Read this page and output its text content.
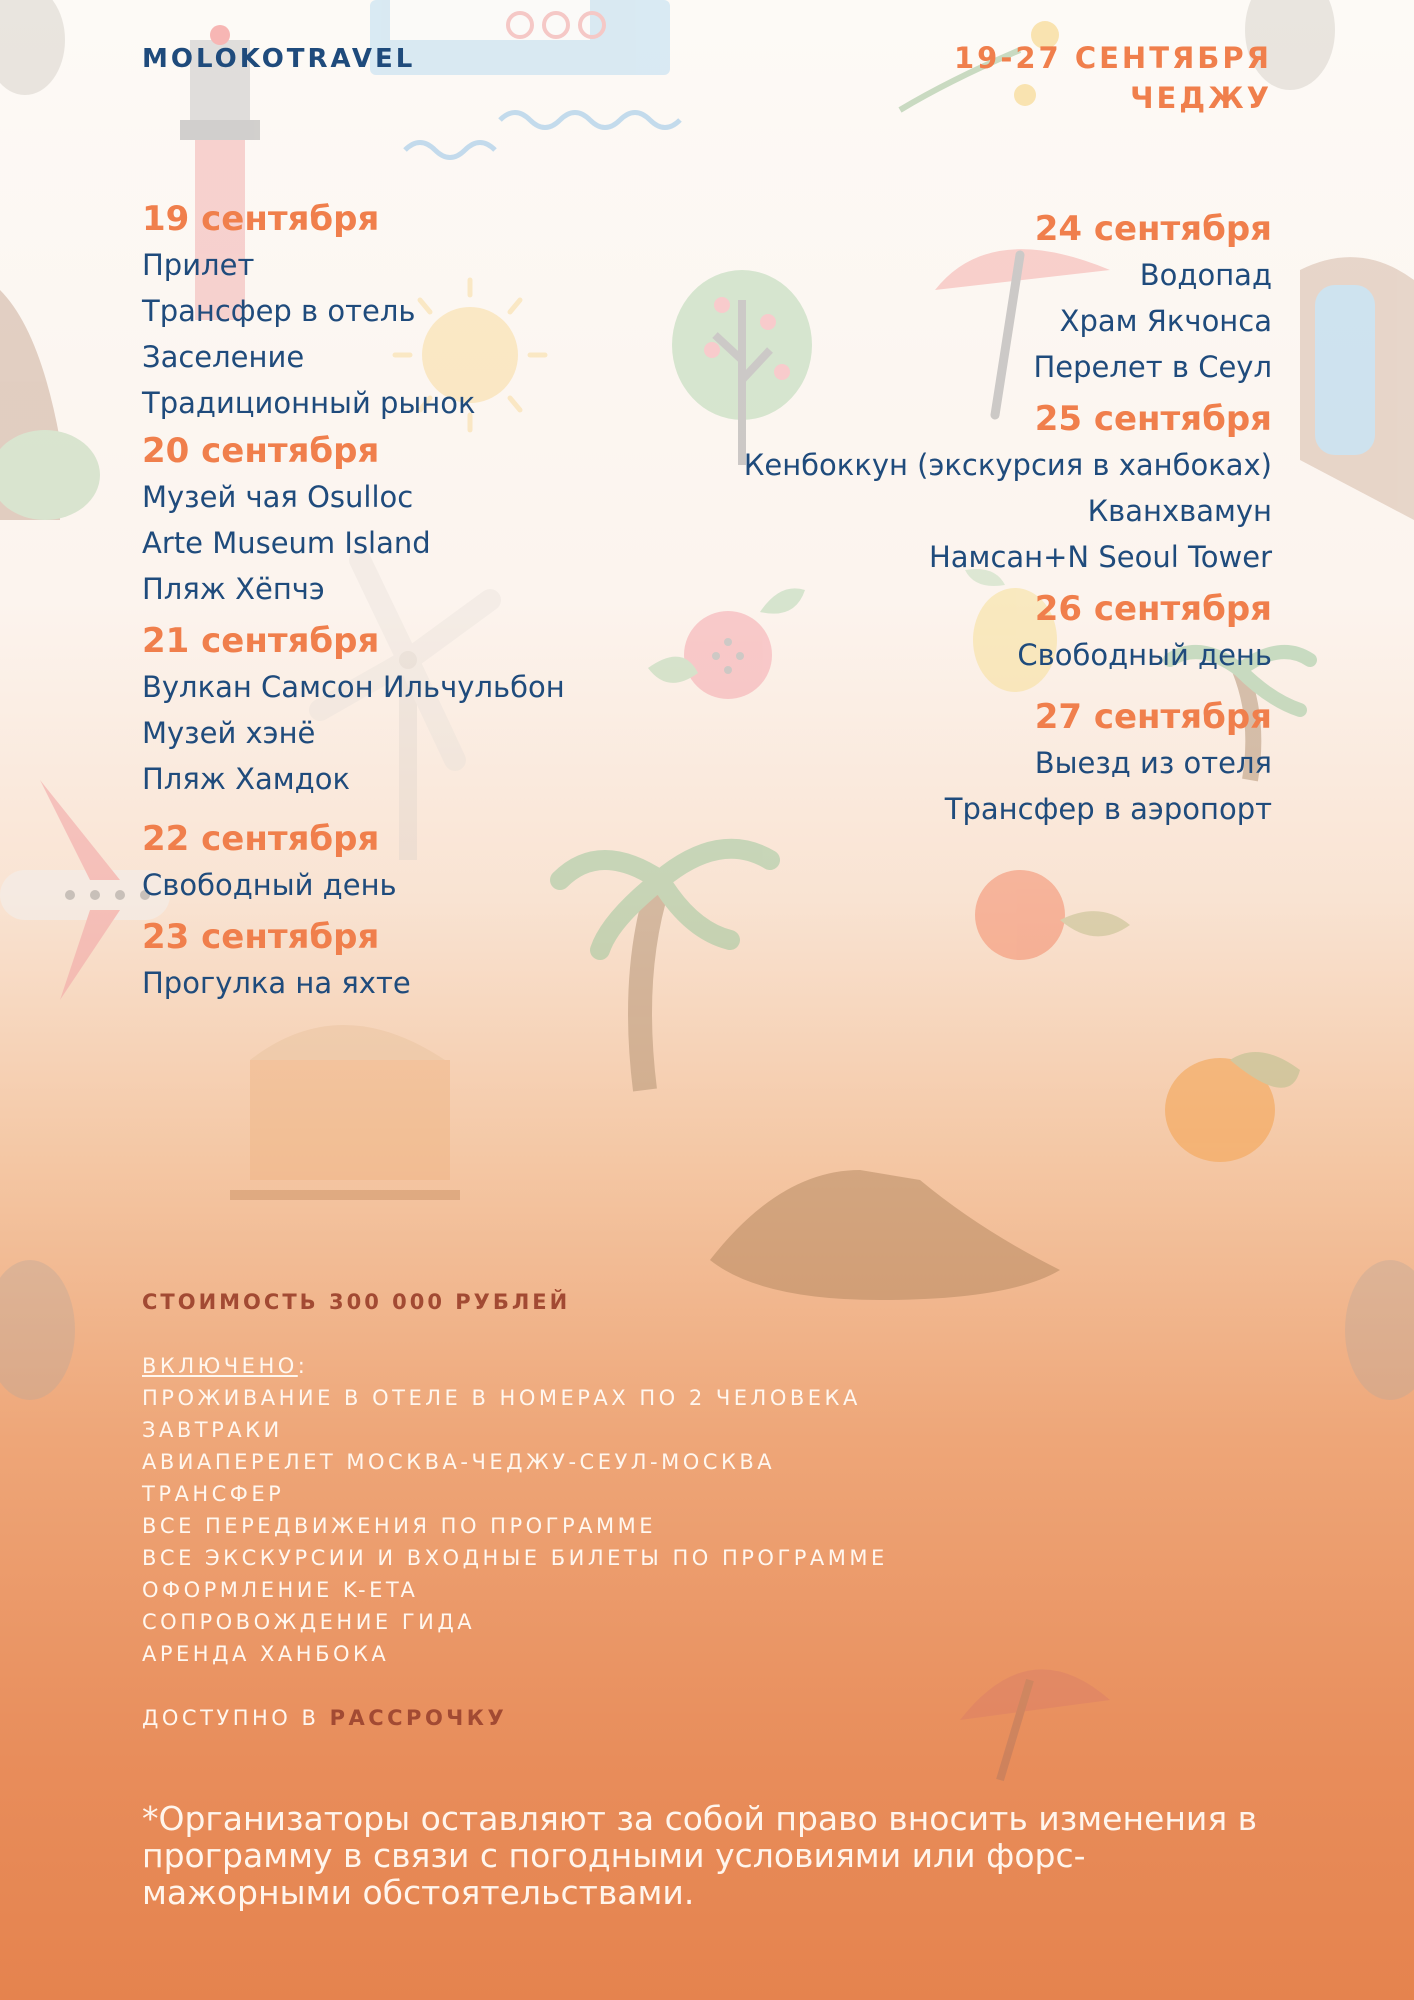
MOLOKOTRAVEL	19-27 СЕНТЯБРЯ
ЧЕДЖУ
19 сентября
Прилет
Трансфер в отель
Заселение
Традиционный рынок
20 сентября
Музей чая Osulloc
Arte Museum Island
Пляж Хёпчэ
21 сентября
Вулкан Самсон Ильчульбон
Музей хэнё
Пляж Хамдок
22 сентября
Свободный день
23 сентября
Прогулка на яхте
24 сентября
Водопад
Храм Якчонса
Перелет в Сеул
25 сентября
Кенбоккун (экскурсия в ханбоках)
Кванхвамун
Намсан+N Seoul Tower
26 сентября
Свободный день
27 сентября
Выезд из отеля
Трансфер в аэропорт
СТОИМОСТЬ 300 000 РУБЛЕЙ
ВКЛЮЧЕНО:
ПРОЖИВАНИЕ В ОТЕЛЕ В НОМЕРАХ ПО 2 ЧЕЛОВЕКА
ЗАВТРАКИ
АВИАПЕРЕЛЕТ МОСКВА-ЧЕДЖУ-СЕУЛ-МОСКВА
ТРАНСФЕР
ВСЕ ПЕРЕДВИЖЕНИЯ ПО ПРОГРАММЕ
ВСЕ ЭКСКУРСИИ И ВХОДНЫЕ БИЛЕТЫ ПО ПРОГРАММЕ
ОФОРМЛЕНИЕ K-ETA
СОПРОВОЖДЕНИЕ ГИДА
АРЕНДА ХАНБОКА
ДОСТУПНО В РАССРОЧКУ
*Организаторы оставляют за собой право вносить изменения в программу в связи с погодными условиями или форс-мажорными обстоятельствами.
